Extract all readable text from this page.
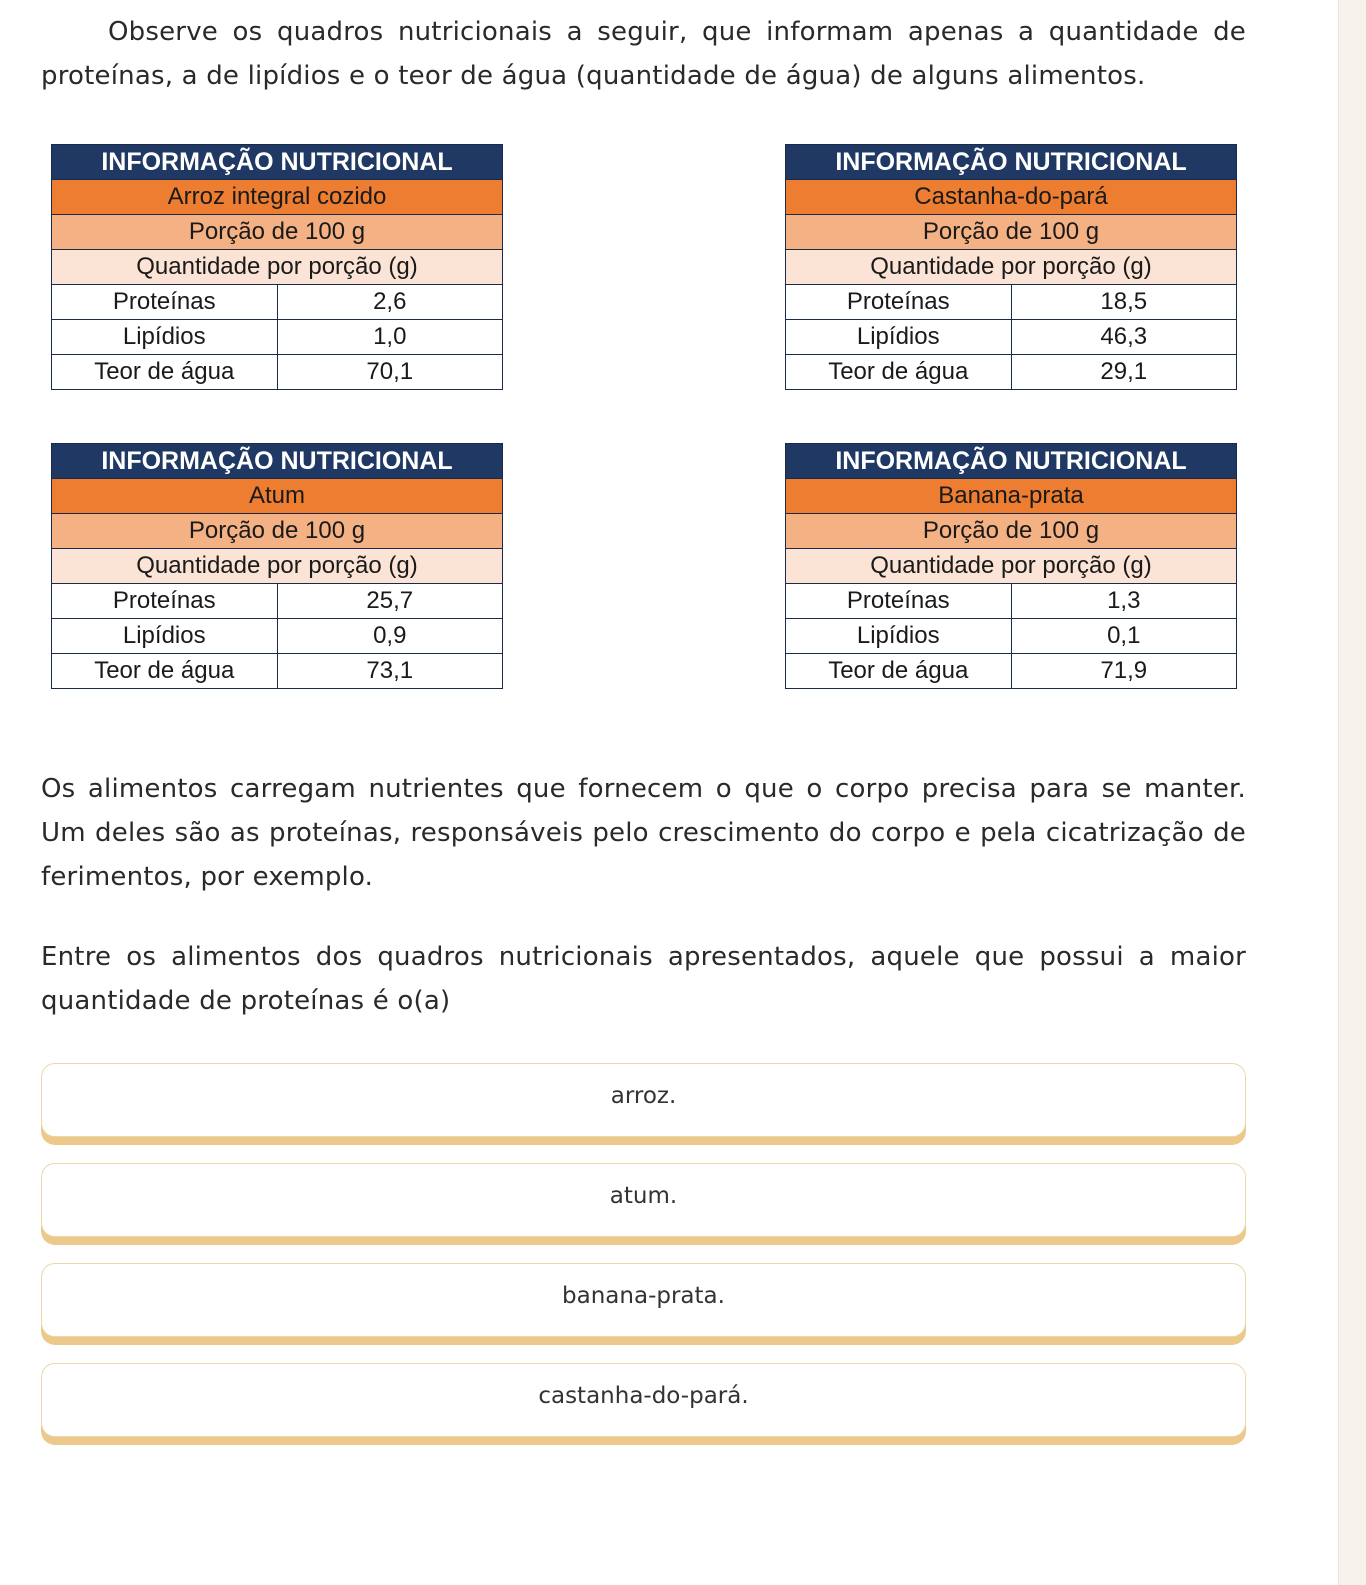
Observe os quadros nutricionais a seguir, que informam apenas a quantidade de proteínas, a de lipídios e o teor de água (quantidade de água) de alguns alimentos.

Os alimentos carregam nutrientes que fornecem o que o corpo precisa para se manter. Um deles são as proteínas, responsáveis pelo crescimento do corpo e pela cicatrização de ferimentos, por exemplo.

Entre os alimentos dos quadros nutricionais apresentados, aquele que possui a maior quantidade de proteínas é o(a)

INFORMAÇÃO NUTRICIONAL	
Arroz integral cozido	
Porção de 100 g	
Quantidade por porção (g)	
Proteínas	2,6
Lipídios	1,0
Teor de água	70,1
INFORMAÇÃO NUTRICIONAL	
Castanha-do-pará	
Porção de 100 g	
Quantidade por porção (g)	
Proteínas	18,5
Lipídios	46,3
Teor de água	29,1
INFORMAÇÃO NUTRICIONAL	
Atum	
Porção de 100 g	
Quantidade por porção (g)	
Proteínas	25,7
Lipídios	0,9
Teor de água	73,1
INFORMAÇÃO NUTRICIONAL	
Banana-prata	
Porção de 100 g	
Quantidade por porção (g)	
Proteínas	1,3
Lipídios	0,1
Teor de água	71,9
arroz.
atum.
banana-prata.
castanha-do-pará.
